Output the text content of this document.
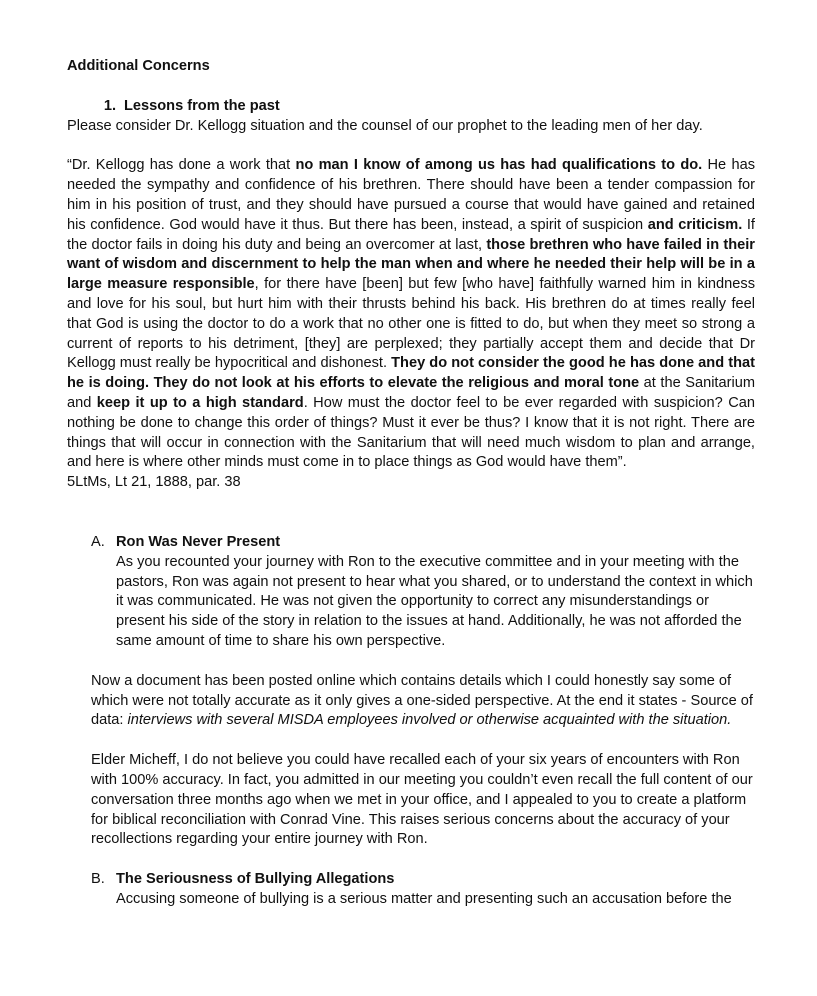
Additional Concerns

1. Lessons from the past

Please consider Dr. Kellogg situation and the counsel of our prophet to the leading men of her day.

“Dr. Kellogg has done a work that no man I know of among us has had qualifications to do. He has needed the sympathy and confidence of his brethren. There should have been a tender compassion for him in his position of trust, and they should have pursued a course that would have gained and retained his confidence. God would have it thus. But there has been, instead, a spirit of suspicion and criticism. If the doctor fails in doing his duty and being an overcomer at last, those brethren who have failed in their want of wisdom and discernment to help the man when and where he needed their help will be in a large measure responsible, for there have [been] but few [who have] faithfully warned him in kindness and love for his soul, but hurt him with their thrusts behind his back. His brethren do at times really feel that God is using the doctor to do a work that no other one is fitted to do, but when they meet so strong a current of reports to his detriment, [they] are perplexed; they partially accept them and decide that Dr Kellogg must really be hypocritical and dishonest. They do not consider the good he has done and that he is doing. They do not look at his efforts to elevate the religious and moral tone at the Sanitarium and keep it up to a high standard. How must the doctor feel to be ever regarded with suspicion? Can nothing be done to change this order of things? Must it ever be thus? I know that it is not right. There are things that will occur in connection with the Sanitarium that will need much wisdom to plan and arrange, and here is where other minds must come in to place things as God would have them”.

5LtMs, Lt 21, 1888, par. 38

A. Ron Was Never Present

As you recounted your journey with Ron to the executive committee and in your meeting with the pastors, Ron was again not present to hear what you shared, or to understand the context in which it was communicated. He was not given the opportunity to correct any misunderstandings or present his side of the story in relation to the issues at hand. Additionally, he was not afforded the same amount of time to share his own perspective.

Now a document has been posted online which contains details which I could honestly say some of which were not totally accurate as it only gives a one-sided perspective. At the end it states - Source of data: interviews with several MISDA employees involved or otherwise acquainted with the situation.

Elder Micheff, I do not believe you could have recalled each of your six years of encounters with Ron with 100% accuracy. In fact, you admitted in our meeting you couldn’t even recall the full content of our conversation three months ago when we met in your office, and I appealed to you to create a platform for biblical reconciliation with Conrad Vine. This raises serious concerns about the accuracy of your recollections regarding your entire journey with Ron.

B. The Seriousness of Bullying Allegations

Accusing someone of bullying is a serious matter and presenting such an accusation before the
